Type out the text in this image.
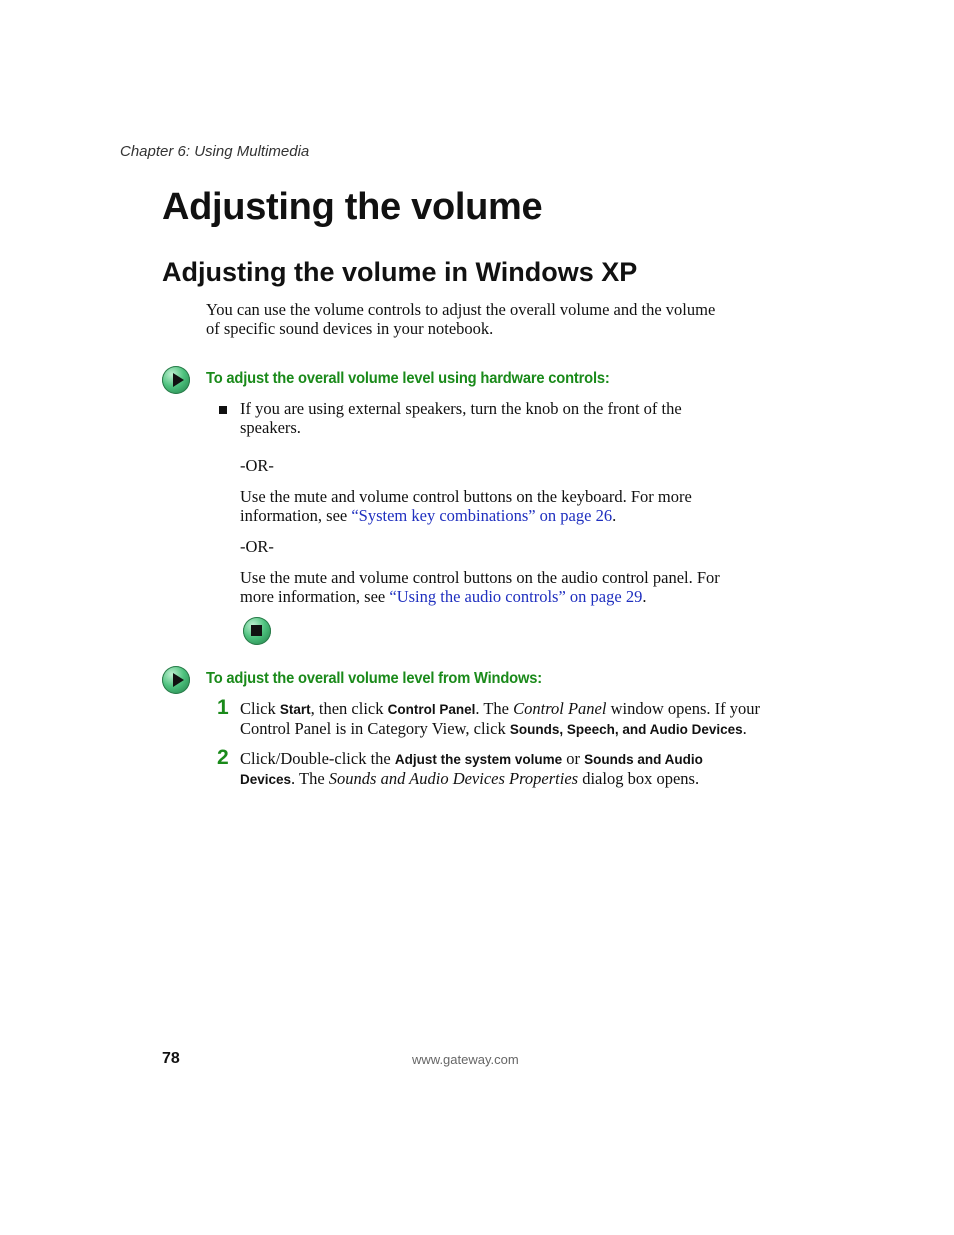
Chapter 6: Using Multimedia
Adjusting the volume
Adjusting the volume in Windows XP
You can use the volume controls to adjust the overall volume and the volume
of specific sound devices in your notebook.
To adjust the overall volume level using hardware controls:
If you are using external speakers, turn the knob on the front of the
speakers.
-OR-
Use the mute and volume control buttons on the keyboard. For more
information, see “System key combinations” on page 26.
-OR-
Use the mute and volume control buttons on the audio control panel. For
more information, see “Using the audio controls” on page 29.
To adjust the overall volume level from Windows:
1 Click Start, then click Control Panel. The Control Panel window opens. If your
Control Panel is in Category View, click Sounds, Speech, and Audio Devices.
2 Click/Double-click the Adjust the system volume or Sounds and Audio
Devices. The Sounds and Audio Devices Properties dialog box opens.
78	www.gateway.com
